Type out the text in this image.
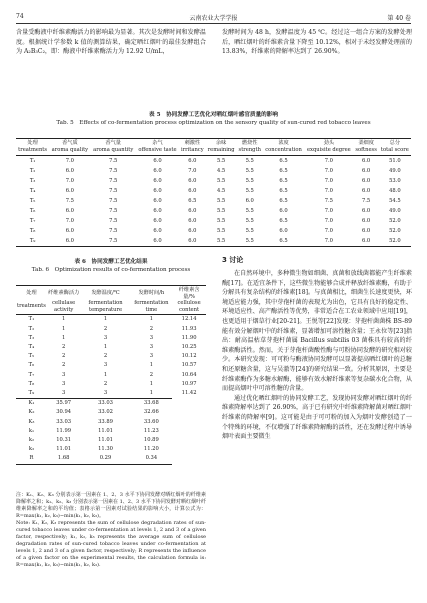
74	云南农业大学学报	第 40 卷

含量受酶液中纤维素酶活力的影响最为显著。其次是发酵时间和发酵温度。根据统计学参数 k 值的测算结果，确定晒红烟叶的最佳发酵组合为 A₂B₃C₂，即：酶液中纤维素酶活力为 12.92 U/mL，

发酵时间为 48 h，发酵温度为 45 ℃。经过这一组合方案的发酵处理后，晒红烟叶的纤维素含量下降至 10.12%，相对于未经发酵处理前的 13.83%，纤维素的降解率达到了 26.90%。

表 5　协同发酵工艺优化对晒红烟叶感官质量的影响
Tab. 5　Effects of co-fermentation process optimization on the sensory quality of sun-cured red tobacco leaves
处理	香气质	香气量	杂气	刺激性	余味	燃烧性	浓度	劲头	柔细度	总分
treatments	aroma quality	aroma quantity	offensive taste	irritancy	remaining	strength	concentration	exquisite degree	softness	total score
T₁	7.0	7.5	6.0	6.0	5.5	5.5	6.5	7.0	6.0	51.0
T₂	6.0	7.5	6.0	7.0	4.5	5.5	6.5	7.0	6.0	49.0
T₃	7.0	7.5	6.0	6.0	5.5	5.5	6.5	7.0	6.0	53.0
T₄	6.0	7.5	6.0	6.0	4.5	5.5	6.5	7.0	6.0	48.0
T₅	7.5	7.5	6.0	6.5	5.5	6.0	6.5	7.5	7.5	54.5
T₆	6.0	7.5	6.0	6.0	5.5	5.5	6.0	7.0	6.0	49.0
T₇	7.0	7.5	6.0	6.0	5.5	5.5	6.5	7.0	6.0	52.0
T₈	6.0	7.5	6.0	6.0	5.5	5.5	6.0	7.0	6.0	52.0
T₉	6.0	7.5	6.0	6.0	5.5	5.5	6.5	7.0	6.0	52.0
表 6　协同发酵工艺优化结果
Tab. 6　Optimization results of co-fermentation process
处理	纤维素酶活力	发酵温度/℃	发酵时间/h	纤维素含量/%
treatments	cellulase activity	fermentation temperature	fermentation time	cellulose content
T₁	1	1	1	12.14
T₂	1	2	2	11.93
T₃	1	3	3	11.90
T₄	2	1	3	10.25
T₅	2	2	3	10.12
T₆	2	3	1	10.57
T₇	3	1	2	10.64
T₈	3	2	1	10.97
T₉	3	3	1	11.42
K₁	35.97	33.03	33.68	
K₂	30.94	33.02	32.66	
K₃	33.03	33.89	33.60	
k₁	11.99	11.01	11.23	
k₂	10.31	11.01	10.89	
k₃	11.01	11.30	11.20	
R	1.68	0.29	0.34	

注：K₁、K₂、K₃ 分别表示第一因素在 1、2、3 水平下协同发酵对晒红烟叶的纤维素降解率之和；k₁、k₂、k₃ 分别表示第一因素在 1、2、3 水平下协同发酵对晒红烟叶纤维素降解率之和的平均值；表格示第一因素对试验结果的影响大小，计算公式为：R=max(k₁, k₂, k₃)−min(k₁, k₂, k₃)。

Note: K₁, K₂, K₃ represents the sum of cellulose degradation rates of sun-cured tobacco leaves under co-fermentation at levels 1, 2 and 3 of a given factor, respectively; k₁, k₂, k₃ represents the average sum of cellulose degradation rates of sun-cured tobacco leaves under co-fermentation at levels 1, 2 and 3 of a given factor, respectively; R represents the influence of a given factor on the experimental results, the calculation formula is: R=max(k₁, k₂, k₃)−min(k₁, k₂, k₃).

3 讨论

在自然环境中，多种微生物如细菌、真菌和放线菌都能产生纤维素酶[17]。在适宜条件下，这些微生物能够合成并释放纤维素酶，有助于分解具有复杂结构的纤维素[18]。与真菌相比，细菌生长速度更快，环境适应能力强，其中芽孢杆菌的表现尤为出色，它具有良好的稳定性、环境适应性、高产酶活性等优势，非常适合在工农业领域中应用[19]，也更适用于烟草行业[20-21]。王悦等[22]发现：芽孢杆菌菌株 BS-89 能有效分解烟叶中的纤维素，显著增加可溶性糖含量；王永位等[23]指出：耐高温枯草芽孢杆菌属 Bacillus subtilis 03 菌株具有较高的纤维素酶活性。然而，关于芽孢杆菌酸性酶与可粉协同发酵的研究相对较少。本研究发现：可可粉与酶液协同发酵可以显著提高晒红烟叶的总糖和还原糖含量，这与吴澈等[24]的研究结果一致。分析其原因，主要是纤维素酶作为多糖水解酶，能够有效水解纤维素等复杂碳水化合物，从而提高烟叶中可溶性糖的含量。

通过优化晒红烟叶的协同发酵工艺，发现协同发酵对晒红烟叶的纤维素降解率达到了 26.90%，高于已有研究中纤维素降解菌对晒红烟叶纤维素的降解率[9]。这可能是由于可可粉的加入为烟叶发酵创造了一个特殊的环境，不仅增强了纤维素降解酶的活性，还在发酵过程中诱导烟叶表面主要微生
